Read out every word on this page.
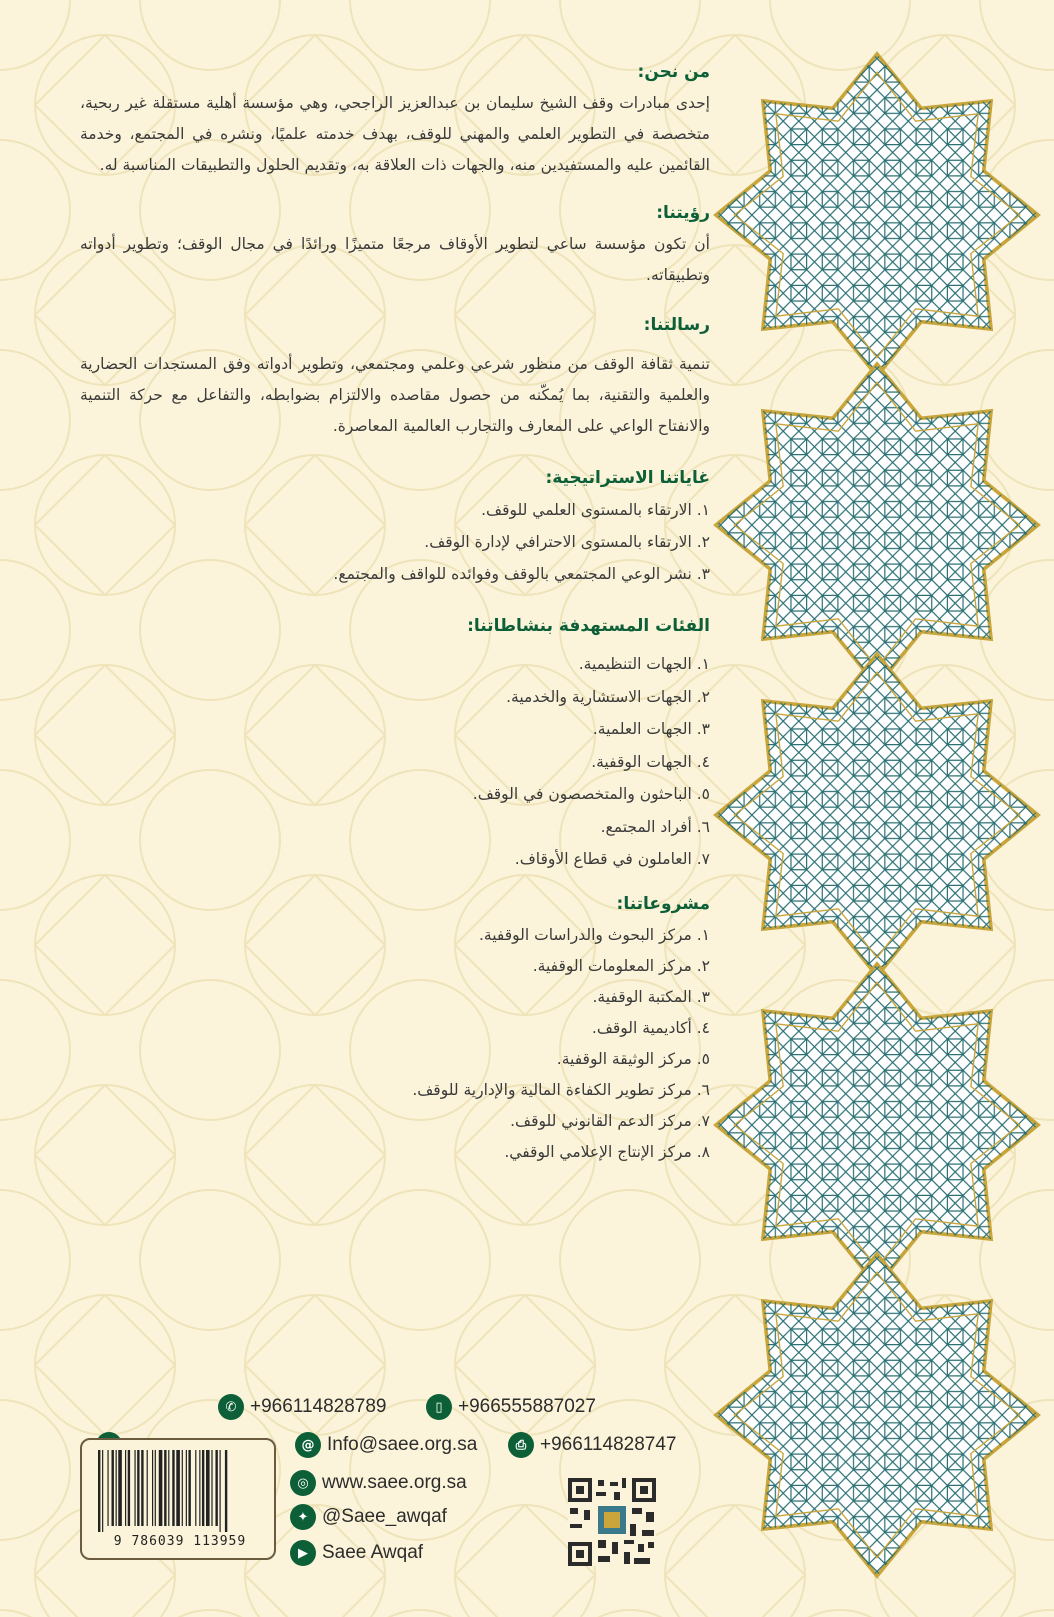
من نحن:

إحدى مبادرات وقف الشيخ سليمان بن عبدالعزيز الراجحي، وهي مؤسسة أهلية مستقلة غير ربحية، متخصصة في التطوير العلمي والمهني للوقف، بهدف خدمته علميًا، ونشره في المجتمع، وخدمة القائمين عليه والمستفيدين منه، والجهات ذات العلاقة به، وتقديم الحلول والتطبيقات المناسبة له.

رؤيتنا:

أن تكون مؤسسة ساعي لتطوير الأوقاف مرجعًا متميزًا ورائدًا في مجال الوقف؛ وتطوير أدواته وتطبيقاته.

رسالتنا:

تنمية ثقافة الوقف من منظور شرعي وعلمي ومجتمعي، وتطوير أدواته وفق المستجدات الحضارية والعلمية والتقنية، بما يُمكّنه من حصول مقاصده والالتزام بضوابطه، والتفاعل مع حركة التنمية والانفتاح الواعي على المعارف والتجارب العالمية المعاصرة.

غاياتنا الاستراتيجية:
١. الارتقاء بالمستوى العلمي للوقف.
٢. الارتقاء بالمستوى الاحترافي لإدارة الوقف.
٣. نشر الوعي المجتمعي بالوقف وفوائده للواقف والمجتمع.
الفئات المستهدفة بنشاطاتنا:
١. الجهات التنظيمية.
٢. الجهات الاستشارية والخدمية.
٣. الجهات العلمية.
٤. الجهات الوقفية.
٥. الباحثون والمتخصصون في الوقف.
٦. أفراد المجتمع.
٧. العاملون في قطاع الأوقاف.
مشروعاتنا:
١. مركز البحوث والدراسات الوقفية.
٢. مركز المعلومات الوقفية.
٣. المكتبة الوقفية.
٤. أكاديمية الوقف.
٥. مركز الوثيقة الوقفية.
٦. مركز تطوير الكفاءة المالية والإدارية للوقف.
٧. مركز الدعم القانوني للوقف.
٨. مركز الإنتاج الإعلامي الوقفي.
▯ +966555887027
✆ +966114828789
⎙ +966114828747
@ Info@saee.org.sa
◎ www.saee.org.sa
✦ @Saee_awqaf
▶ Saee Awqaf
9 786039 113959
